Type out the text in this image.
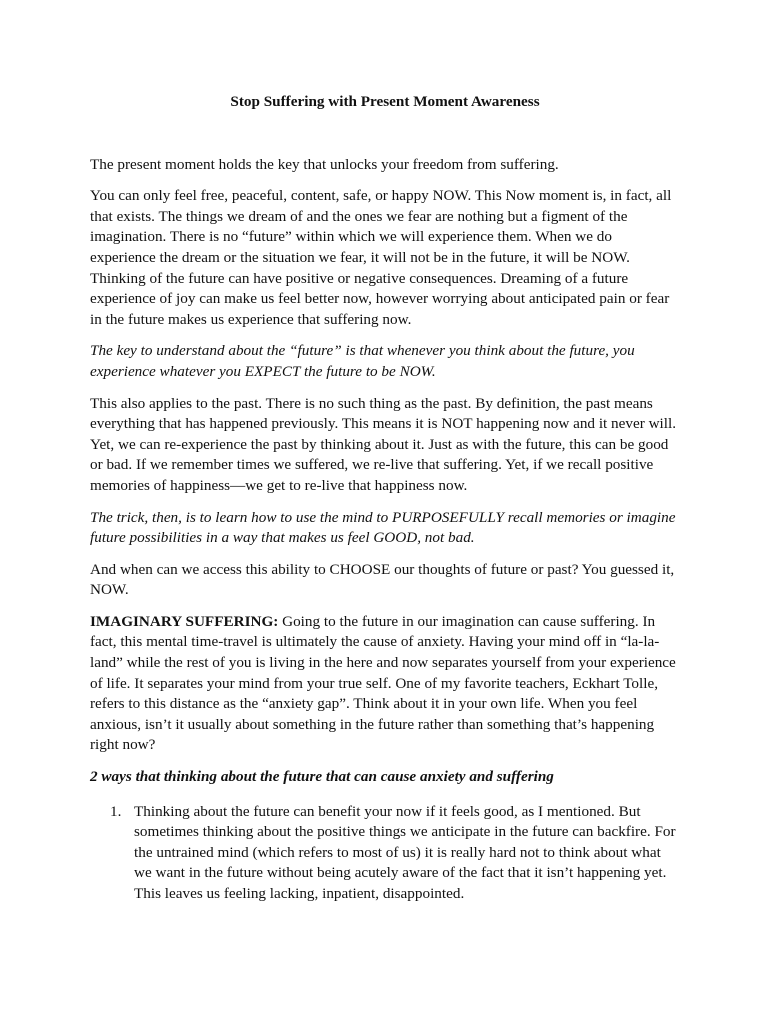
Stop Suffering with Present Moment Awareness

The present moment holds the key that unlocks your freedom from suffering.

You can only feel free, peaceful, content, safe, or happy NOW. This Now moment is, in fact, all that exists. The things we dream of and the ones we fear are nothing but a figment of the imagination. There is no “future” within which we will experience them. When we do experience the dream or the situation we fear, it will not be in the future, it will be NOW. Thinking of the future can have positive or negative consequences. Dreaming of a future experience of joy can make us feel better now, however worrying about anticipated pain or fear in the future makes us experience that suffering now.

The key to understand about the “future” is that whenever you think about the future, you experience whatever you EXPECT the future to be NOW.

This also applies to the past. There is no such thing as the past. By definition, the past means everything that has happened previously. This means it is NOT happening now and it never will. Yet, we can re-experience the past by thinking about it. Just as with the future, this can be good or bad. If we remember times we suffered, we re-live that suffering. Yet, if we recall positive memories of happiness—we get to re-live that happiness now.

The trick, then, is to learn how to use the mind to PURPOSEFULLY recall memories or imagine future possibilities in a way that makes us feel GOOD, not bad.

And when can we access this ability to CHOOSE our thoughts of future or past? You guessed it, NOW.

IMAGINARY SUFFERING: Going to the future in our imagination can cause suffering. In fact, this mental time-travel is ultimately the cause of anxiety. Having your mind off in “la-la-land” while the rest of you is living in the here and now separates yourself from your experience of life. It separates your mind from your true self. One of my favorite teachers, Eckhart Tolle, refers to this distance as the “anxiety gap”. Think about it in your own life. When you feel anxious, isn’t it usually about something in the future rather than something that’s happening right now?

2 ways that thinking about the future that can cause anxiety and suffering

1. Thinking about the future can benefit your now if it feels good, as I mentioned. But sometimes thinking about the positive things we anticipate in the future can backfire. For the untrained mind (which refers to most of us) it is really hard not to think about what we want in the future without being acutely aware of the fact that it isn’t happening yet. This leaves us feeling lacking, inpatient, disappointed.
